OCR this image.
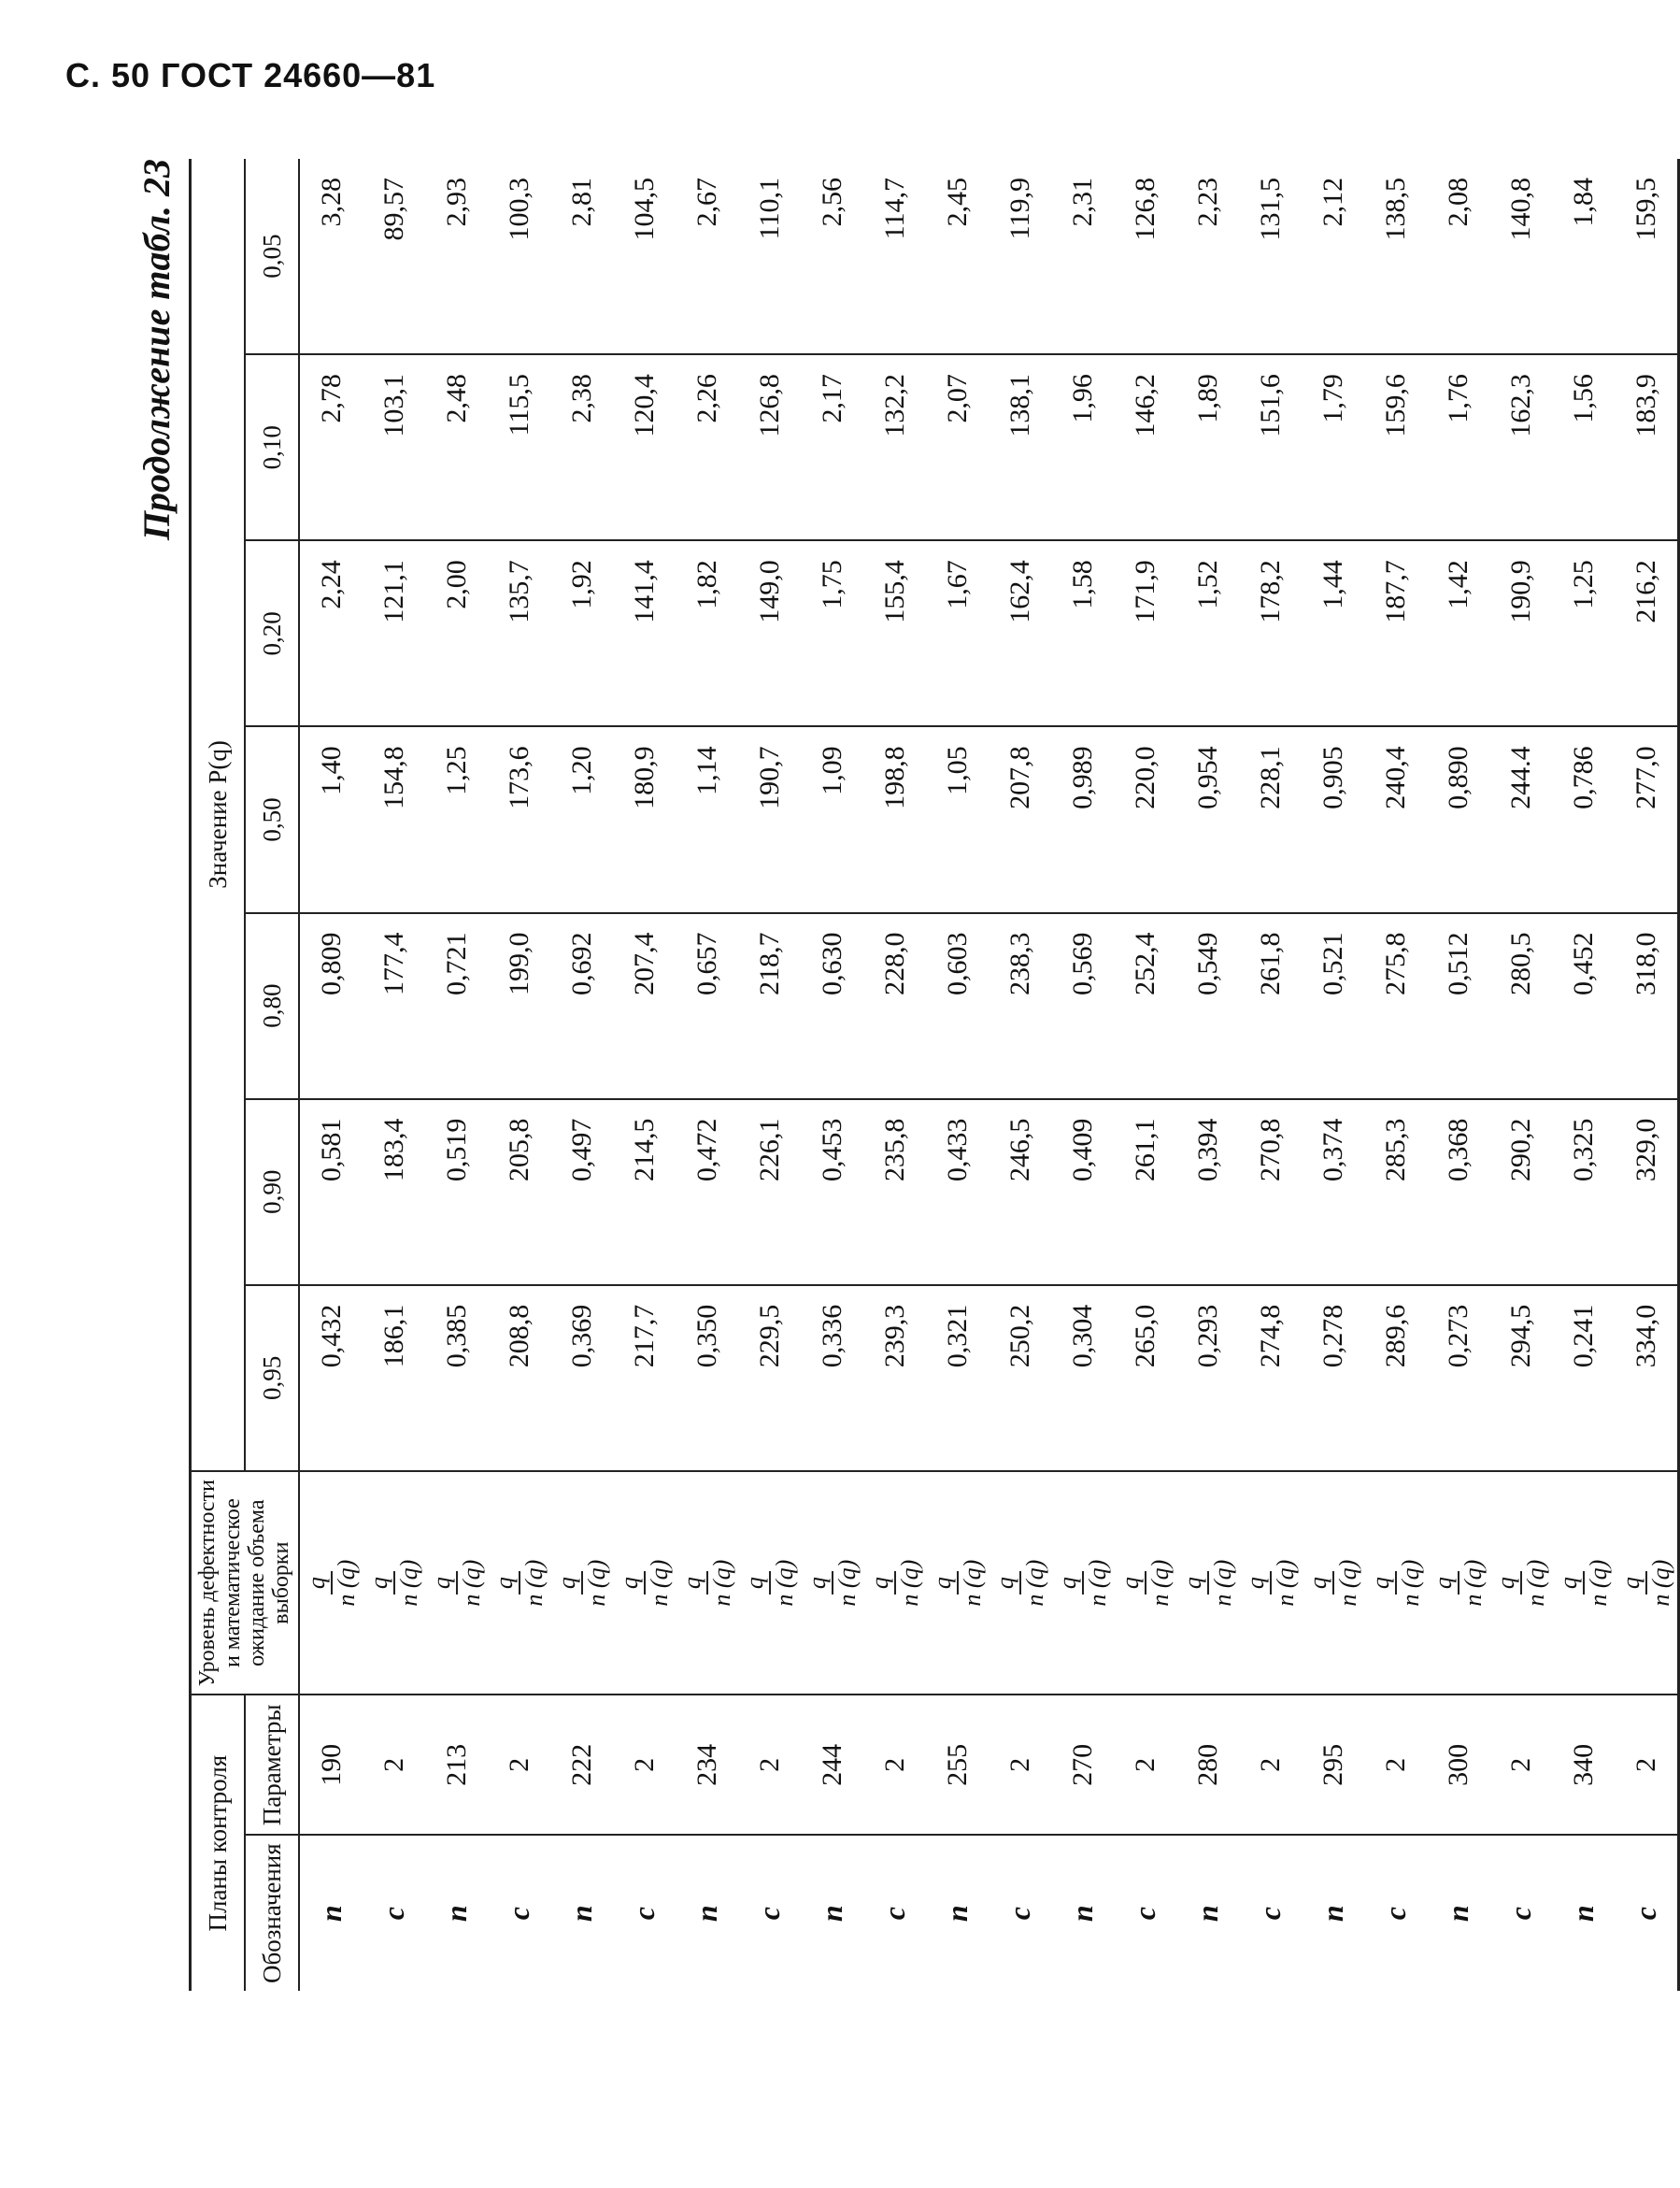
С. 50 ГОСТ 24660—81
Продолжение табл. 23
Планы контроля		Уровень дефектности и математическое ожидание объема выборки	Значение P(q)						
Обозначения	Параметры		0,95	0,90	0,80	0,50	0,20	0,10	0,05
n	190	q n (q)	0,432	0,581	0,809	1,40	2,24	2,78	3,28
c	2	q n (q)	186,1	183,4	177,4	154,8	121,1	103,1	89,57
n	213	q n (q)	0,385	0,519	0,721	1,25	2,00	2,48	2,93
c	2	q n (q)	208,8	205,8	199,0	173,6	135,7	115,5	100,3
n	222	q n (q)	0,369	0,497	0,692	1,20	1,92	2,38	2,81
c	2	q n (q)	217,7	214,5	207,4	180,9	141,4	120,4	104,5
n	234	q n (q)	0,350	0,472	0,657	1,14	1,82	2,26	2,67
c	2	q n (q)	229,5	226,1	218,7	190,7	149,0	126,8	110,1
n	244	q n (q)	0,336	0,453	0,630	1,09	1,75	2,17	2,56
c	2	q n (q)	239,3	235,8	228,0	198,8	155,4	132,2	114,7
n	255	q n (q)	0,321	0,433	0,603	1,05	1,67	2,07	2,45
c	2	q n (q)	250,2	246,5	238,3	207,8	162,4	138,1	119,9
n	270	q n (q)	0,304	0,409	0,569	0,989	1,58	1,96	2,31
c	2	q n (q)	265,0	261,1	252,4	220,0	171,9	146,2	126,8
n	280	q n (q)	0,293	0,394	0,549	0,954	1,52	1,89	2,23
c	2	q n (q)	274,8	270,8	261,8	228,1	178,2	151,6	131,5
n	295	q n (q)	0,278	0,374	0,521	0,905	1,44	1,79	2,12
c	2	q n (q)	289,6	285,3	275,8	240,4	187,7	159,6	138,5
n	300	q n (q)	0,273	0,368	0,512	0,890	1,42	1,76	2,08
c	2	q n (q)	294,5	290,2	280,5	244.4	190,9	162,3	140,8
n	340	q n (q)	0,241	0,325	0,452	0,786	1,25	1,56	1,84
c	2	q n (q)	334,0	329,0	318,0	277,0	216,2	183,9	159,5
